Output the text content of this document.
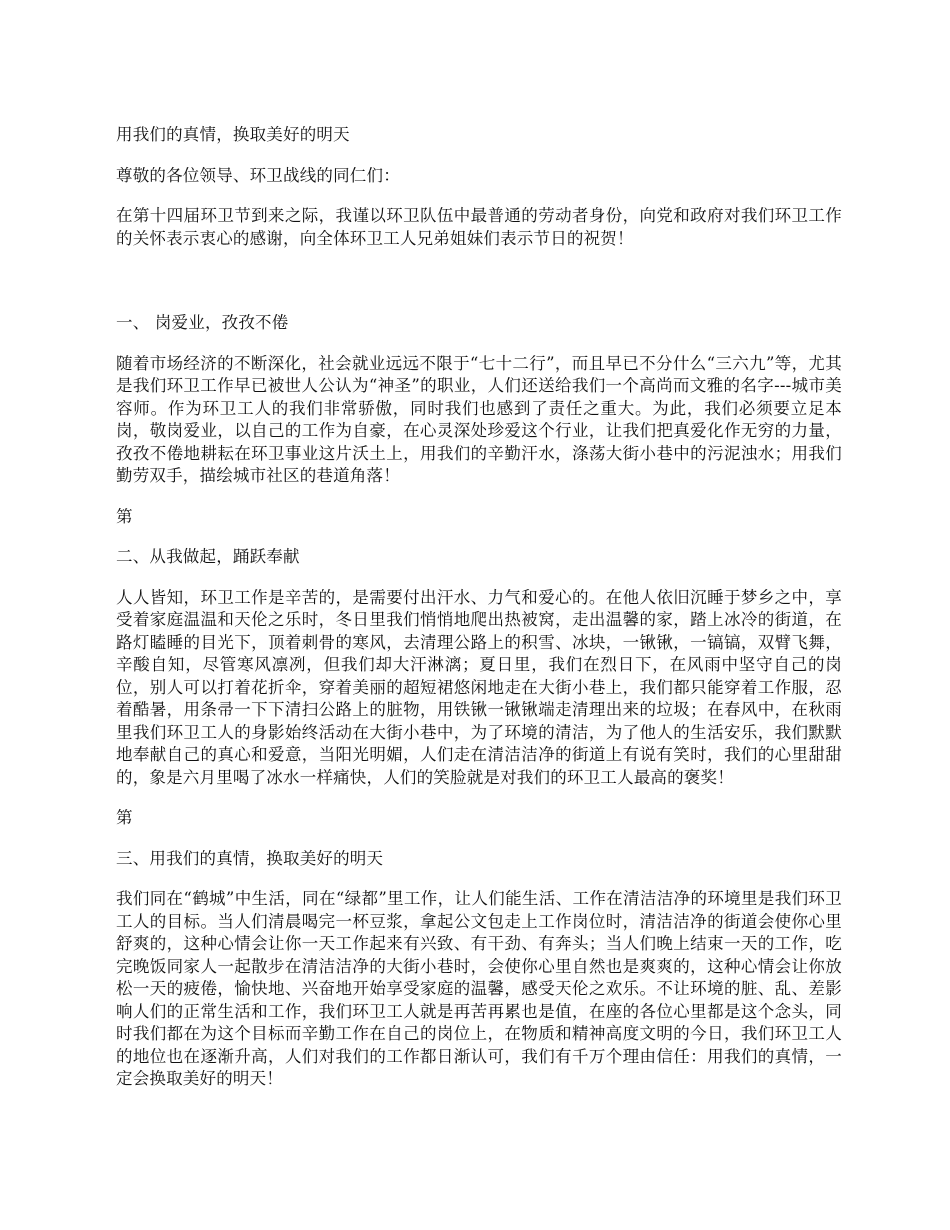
用我们的真情，换取美好的明天

尊敬的各位领导、环卫战线的同仁们：

在第十四届环卫节到来之际，我谨以环卫队伍中最普通的劳动者身份，向党和政府对我们环卫工作的关怀表示衷心的感谢，向全体环卫工人兄弟姐妹们表示节日的祝贺！

一、 岗爱业，孜孜不倦

随着市场经济的不断深化，社会就业远远不限于“七十二行”，而且早已不分什么“三六九”等，尤其是我们环卫工作早已被世人公认为“神圣”的职业，人们还送给我们一个高尚而文雅的名字---城市美容师。作为环卫工人的我们非常骄傲，同时我们也感到了责任之重大。为此，我们必须要立足本岗，敬岗爱业，以自己的工作为自豪，在心灵深处珍爱这个行业，让我们把真爱化作无穷的力量，孜孜不倦地耕耘在环卫事业这片沃土上，用我们的辛勤汗水，涤荡大街小巷中的污泥浊水；用我们勤劳双手，描绘城市社区的巷道角落！

第

二、从我做起，踊跃奉献

人人皆知，环卫工作是辛苦的，是需要付出汗水、力气和爱心的。在他人依旧沉睡于梦乡之中，享受着家庭温温和天伦之乐时，冬日里我们悄悄地爬出热被窝，走出温馨的家，踏上冰冷的街道，在路灯瞌睡的目光下，顶着刺骨的寒风，去清理公路上的积雪、冰块，一锹锹，一镐镐，双臂飞舞，辛酸自知，尽管寒风凛冽，但我们却大汗淋漓；夏日里，我们在烈日下，在风雨中坚守自己的岗位，别人可以打着花折伞，穿着美丽的超短裙悠闲地走在大街小巷上，我们都只能穿着工作服，忍着酷暑，用条帚一下下清扫公路上的脏物，用铁锹一锹锹端走清理出来的垃圾；在春风中，在秋雨里我们环卫工人的身影始终活动在大街小巷中，为了环境的清洁，为了他人的生活安乐，我们默默地奉献自己的真心和爱意，当阳光明媚，人们走在清洁洁净的街道上有说有笑时，我们的心里甜甜的，象是六月里喝了冰水一样痛快，人们的笑脸就是对我们的环卫工人最高的褒奖！

第

三、用我们的真情，换取美好的明天

我们同在“鹤城”中生活，同在“绿都”里工作，让人们能生活、工作在清洁洁净的环境里是我们环卫工人的目标。当人们清晨喝完一杯豆浆，拿起公文包走上工作岗位时，清洁洁净的街道会使你心里舒爽的，这种心情会让你一天工作起来有兴致、有干劲、有奔头；当人们晚上结束一天的工作，吃完晚饭同家人一起散步在清洁洁净的大街小巷时，会使你心里自然也是爽爽的，这种心情会让你放松一天的疲倦，愉快地、兴奋地开始享受家庭的温馨，感受天伦之欢乐。不让环境的脏、乱、差影响人们的正常生活和工作，我们环卫工人就是再苦再累也是值，在座的各位心里都是这个念头，同时我们都在为这个目标而辛勤工作在自己的岗位上，在物质和精神高度文明的今日，我们环卫工人的地位也在逐渐升高，人们对我们的工作都日渐认可，我们有千万个理由信任：用我们的真情，一定会换取美好的明天！
